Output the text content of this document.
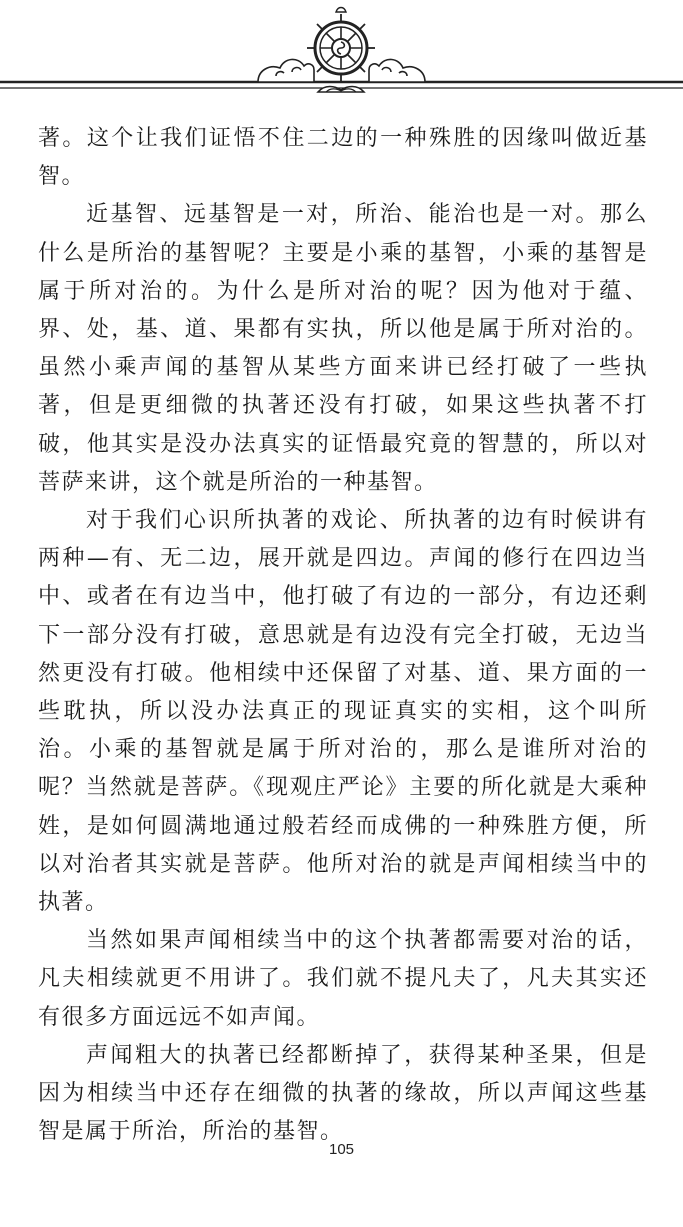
著。这个让我们证悟不住二边的一种殊胜的因缘叫做近基智。

近基智、远基智是一对，所治、能治也是一对。那么什么是所治的基智呢？主要是小乘的基智，小乘的基智是属于所对治的。为什么是所对治的呢？因为他对于蕴、界、处，基、道、果都有实执，所以他是属于所对治的。虽然小乘声闻的基智从某些方面来讲已经打破了一些执著，但是更细微的执著还没有打破，如果这些执著不打破，他其实是没办法真实的证悟最究竟的智慧的，所以对菩萨来讲，这个就是所治的一种基智。

对于我们心识所执著的戏论、所执著的边有时候讲有两种—有、无二边，展开就是四边。声闻的修行在四边当中、或者在有边当中，他打破了有边的一部分，有边还剩下一部分没有打破，意思就是有边没有完全打破，无边当然更没有打破。他相续中还保留了对基、道、果方面的一些耽执，所以没办法真正的现证真实的实相，这个叫所治。小乘的基智就是属于所对治的，那么是谁所对治的呢？当然就是菩萨。《现观庄严论》主要的所化就是大乘种姓，是如何圆满地通过般若经而成佛的一种殊胜方便，所以对治者其实就是菩萨。他所对治的就是声闻相续当中的执著。

当然如果声闻相续当中的这个执著都需要对治的话，凡夫相续就更不用讲了。我们就不提凡夫了，凡夫其实还有很多方面远远不如声闻。

声闻粗大的执著已经都断掉了，获得某种圣果，但是因为相续当中还存在细微的执著的缘故，所以声闻这些基智是属于所治，所治的基智。

105
